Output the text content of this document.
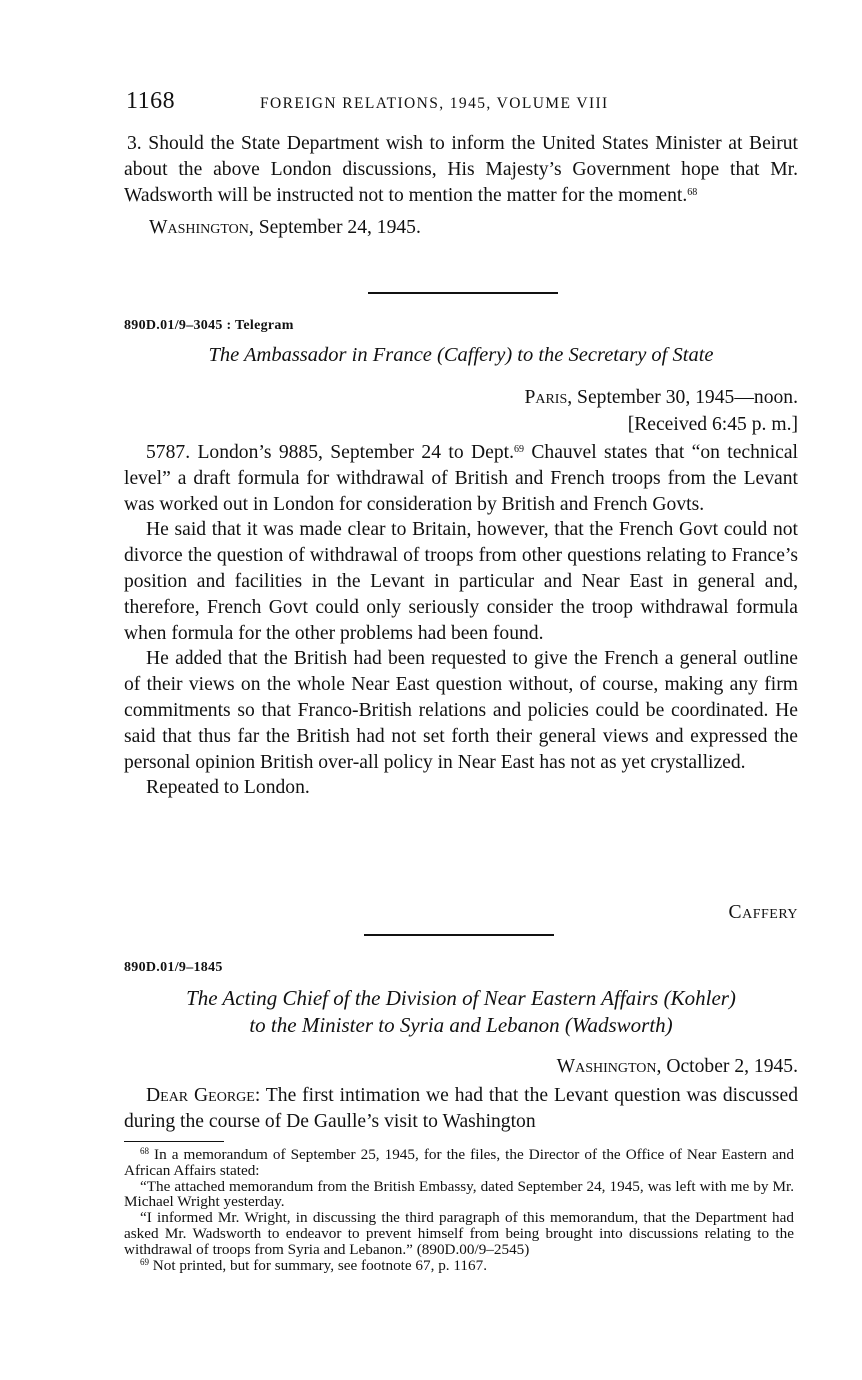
1168	FOREIGN RELATIONS, 1945, VOLUME VIII

3. Should the State Department wish to inform the United States Minister at Beirut about the above London discussions, His Majesty’s Government hope that Mr. Wadsworth will be instructed not to mention the matter for the moment.$^{68}$

Washington, September 24, 1945.

890D.01/9–3045 : Telegram
The Ambassador in France (Caffery) to the Secretary of State

Paris, September 30, 1945—noon.

[Received 6:45 p. m.]

5787. London’s 9885, September 24 to Dept.$^{69}$ Chauvel states that “on technical level” a draft formula for withdrawal of British and French troops from the Levant was worked out in London for consideration by British and French Govts.

He said that it was made clear to Britain, however, that the French Govt could not divorce the question of withdrawal of troops from other questions relating to France’s position and facilities in the Levant in particular and Near East in general and, therefore, French Govt could only seriously consider the troop withdrawal formula when formula for the other problems had been found.

He added that the British had been requested to give the French a general outline of their views on the whole Near East question without, of course, making any firm commitments so that Franco-British relations and policies could be coordinated. He said that thus far the British had not set forth their general views and expressed the personal opinion British over-all policy in Near East has not as yet crystallized.

Repeated to London.

Caffery
890D.01/9–1845
The Acting Chief of the Division of Near Eastern Affairs (Kohler)
to the Minister to Syria and Lebanon (Wadsworth)

Washington, October 2, 1945.

Dear George: The first intimation we had that the Levant question was discussed during the course of De Gaulle’s visit to Washington

$^{68}$ In a memorandum of September 25, 1945, for the files, the Director of the Office of Near Eastern and African Affairs stated:

“The attached memorandum from the British Embassy, dated September 24, 1945, was left with me by Mr. Michael Wright yesterday.

“I informed Mr. Wright, in discussing the third paragraph of this memorandum, that the Department had asked Mr. Wadsworth to endeavor to prevent himself from being brought into discussions relating to the withdrawal of troops from Syria and Lebanon.” (890D.00/9–2545)

$^{69}$ Not printed, but for summary, see footnote 67, p. 1167.
